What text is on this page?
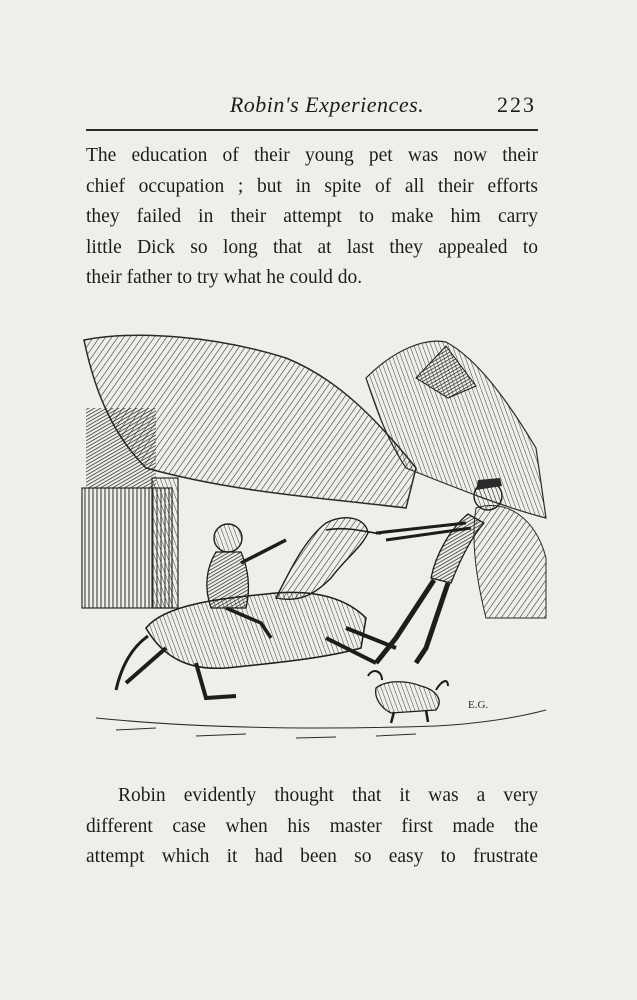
Robin's Experiences.	223
The education of their young pet was now their
chief occupation ; but in spite of all their efforts
they failed in their attempt to make him carry
little Dick so long that at last they appealed to
their father to try what he could do.
E.G.
Robin evidently thought that it was a very
different case when his master first made the
attempt which it had been so easy to frustrate
